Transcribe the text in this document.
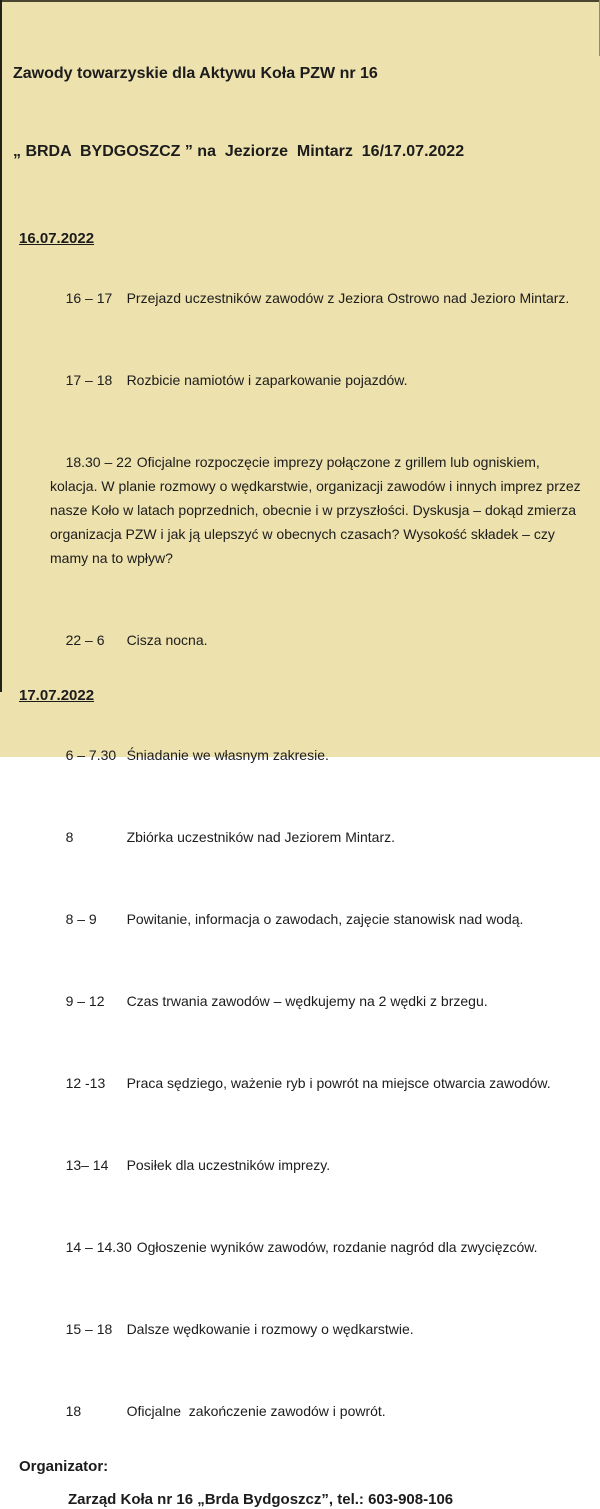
Zawody towarzyskie dla Aktywu Koła PZW nr 16

„ BRDA  BYDGOSZCZ ” na  Jeziorze  Mintarz  16/17.07.2022

16.07.2022

16 – 17 Przejazd uczestników zawodów z Jeziora Ostrowo nad Jezioro Mintarz.

17 – 18 Rozbicie namiotów i zaparkowanie pojazdów.

18.30 – 22 Oficjalne rozpoczęcie imprezy połączone z grillem lub ogniskiem, kolacja. W planie rozmowy o wędkarstwie, organizacji zawodów i innych imprez przez nasze Koło w latach poprzednich, obecnie i w przyszłości. Dyskusja – dokąd zmierza organizacja PZW i jak ją ulepszyć w obecnych czasach? Wysokość składek – czy mamy na to wpływ?

22 – 6 Cisza nocna.

17.07.2022

6 – 7.30 Śniadanie we własnym zakresie.

8	Zbiórka uczestników nad Jeziorem Mintarz.

8 – 9 Powitanie, informacja o zawodach, zajęcie stanowisk nad wodą.

9 – 12 Czas trwania zawodów – wędkujemy na 2 wędki z brzegu.

12 -13 Praca sędziego, ważenie ryb i powrót na miejsce otwarcia zawodów.

13– 14 Posiłek dla uczestników imprezy.

14 – 14.30 Ogłoszenie wyników zawodów, rozdanie nagród dla zwycięzców.

15 – 18 Dalsze wędkowanie i rozmowy o wędkarstwie.

18	Oficjalne  zakończenie zawodów i powrót.

Organizator:
Zarząd Koła nr 16 „Brda Bydgoszcz”, tel.: 603-908-106
